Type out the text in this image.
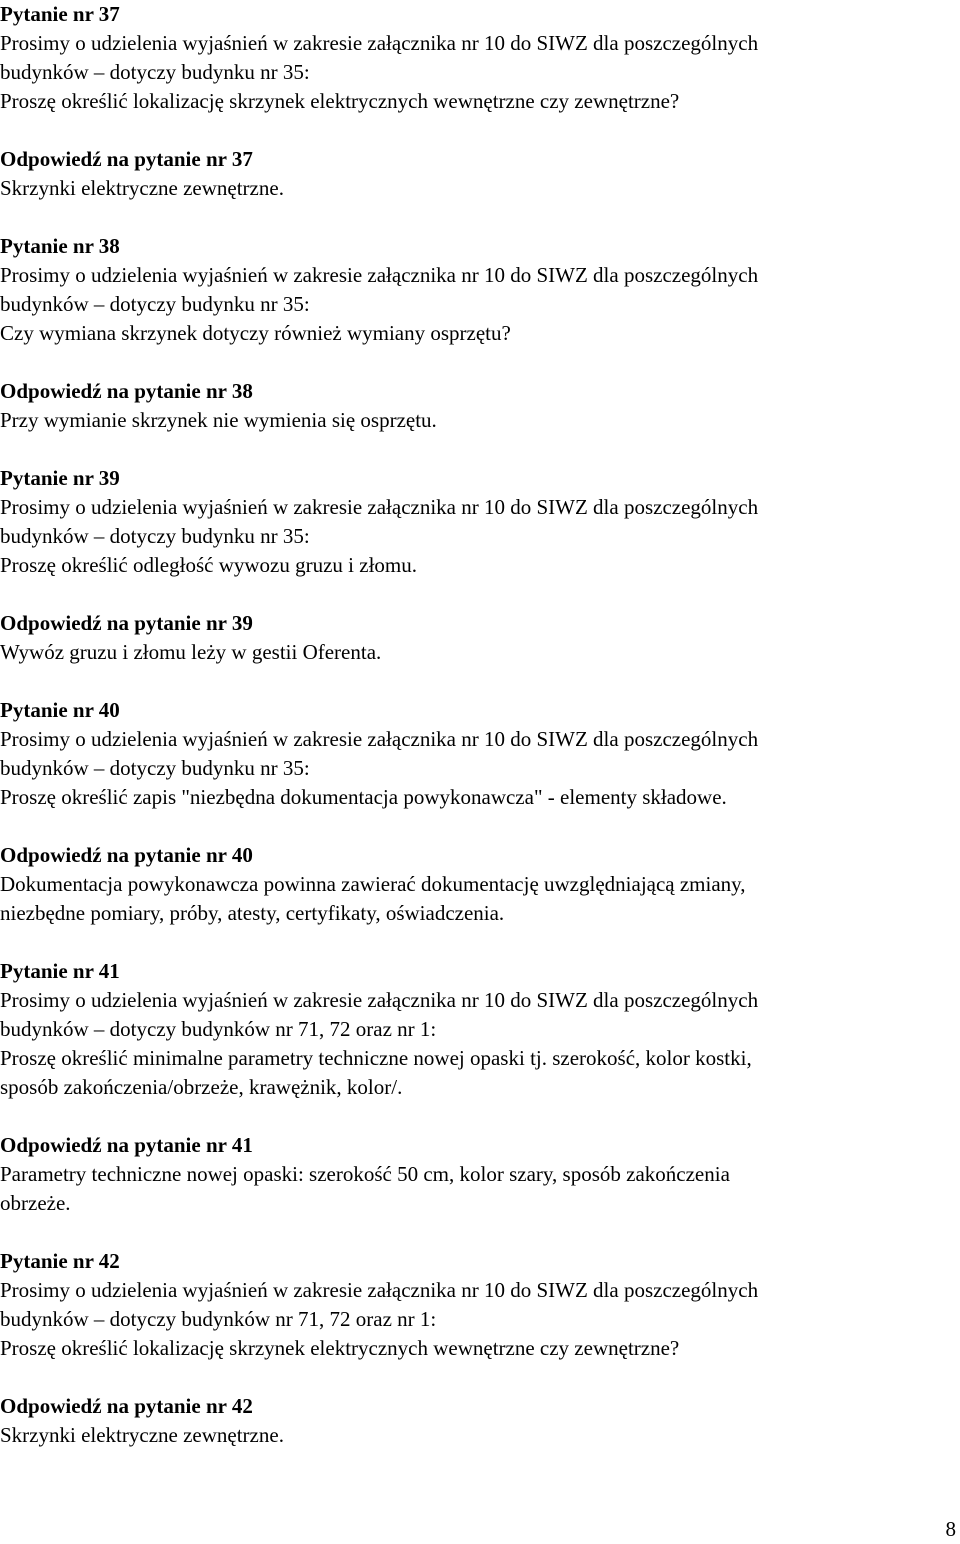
Pytanie nr 37
Prosimy o udzielenia wyjaśnień w zakresie załącznika nr 10 do SIWZ dla poszczególnych
budynków – dotyczy budynku nr 35:
Proszę określić lokalizację skrzynek elektrycznych wewnętrzne czy zewnętrzne?
Odpowiedź na pytanie nr 37
Skrzynki elektryczne zewnętrzne.
Pytanie nr 38
Prosimy o udzielenia wyjaśnień w zakresie załącznika nr 10 do SIWZ dla poszczególnych
budynków – dotyczy budynku nr 35:
Czy wymiana skrzynek dotyczy również wymiany osprzętu?
Odpowiedź na pytanie nr 38
Przy wymianie skrzynek nie wymienia się osprzętu.
Pytanie nr 39
Prosimy o udzielenia wyjaśnień w zakresie załącznika nr 10 do SIWZ dla poszczególnych
budynków – dotyczy budynku nr 35:
Proszę określić odległość wywozu gruzu i złomu.
Odpowiedź na pytanie nr 39
Wywóz gruzu i złomu leży w gestii Oferenta.
Pytanie nr 40
Prosimy o udzielenia wyjaśnień w zakresie załącznika nr 10 do SIWZ dla poszczególnych
budynków – dotyczy budynku nr 35:
Proszę określić zapis "niezbędna dokumentacja powykonawcza" - elementy składowe.
Odpowiedź na pytanie nr 40
Dokumentacja powykonawcza powinna zawierać dokumentację uwzględniającą zmiany,
niezbędne pomiary, próby, atesty, certyfikaty, oświadczenia.
Pytanie nr 41
Prosimy o udzielenia wyjaśnień w zakresie załącznika nr 10 do SIWZ dla poszczególnych
budynków – dotyczy budynków nr 71, 72 oraz nr 1:
Proszę określić minimalne parametry techniczne nowej opaski tj. szerokość, kolor kostki,
sposób zakończenia/obrzeże, krawężnik, kolor/.
Odpowiedź na pytanie nr 41
Parametry techniczne nowej opaski: szerokość 50 cm, kolor szary, sposób zakończenia
obrzeże.
Pytanie nr 42
Prosimy o udzielenia wyjaśnień w zakresie załącznika nr 10 do SIWZ dla poszczególnych
budynków – dotyczy budynków nr 71, 72 oraz nr 1:
Proszę określić lokalizację skrzynek elektrycznych wewnętrzne czy zewnętrzne?
Odpowiedź na pytanie nr 42
Skrzynki elektryczne zewnętrzne.
8
